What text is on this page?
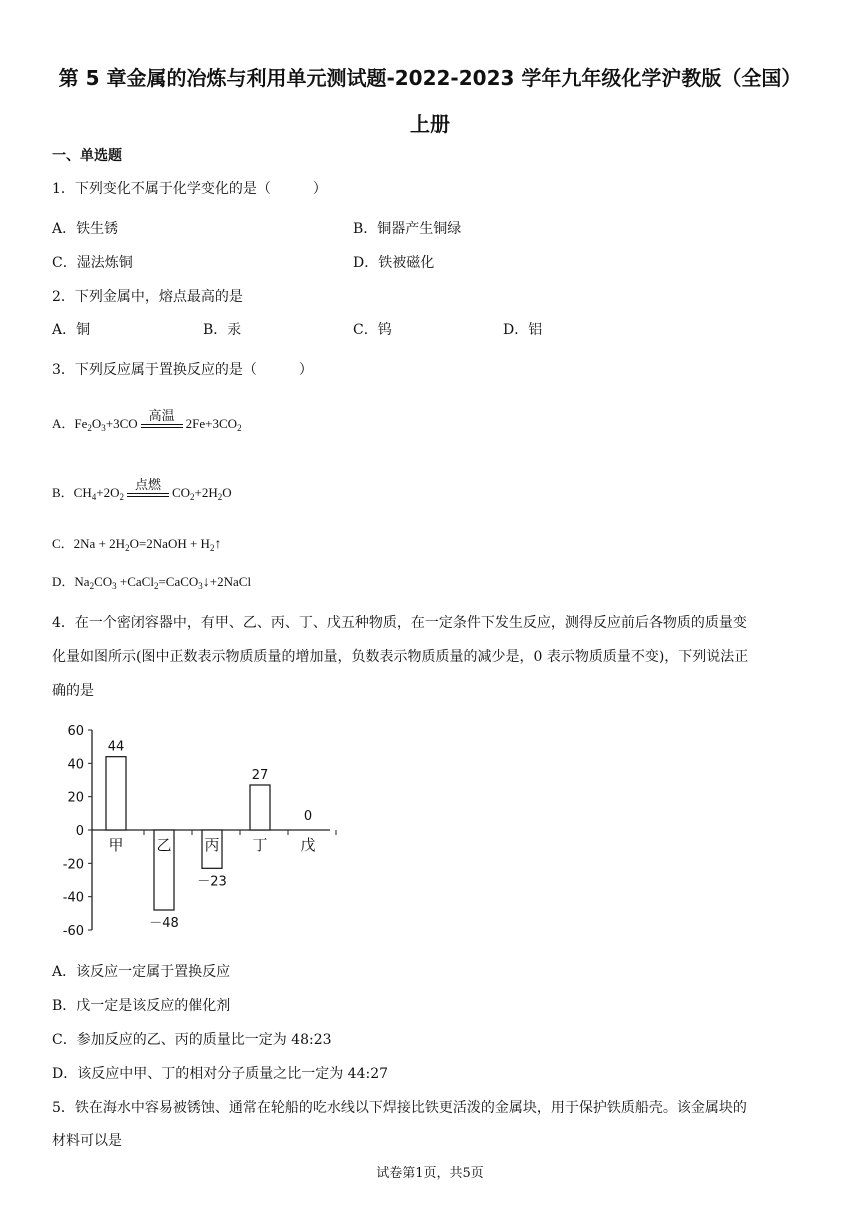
第 5 章金属的冶炼与利用单元测试题-2022-2023 学年九年级化学沪教版（全国）
上册
一、单选题
1．下列变化不属于化学变化的是（　　　）
A．铁生锈	B．铜器产生铜绿
C．湿法炼铜	D．铁被磁化
2．下列金属中，熔点最高的是
A．铜	B．汞	C．钨	D．铝
3．下列反应属于置换反应的是（　　　）
A．$Fe_2O_3+3CO$
高温
$2Fe+3CO_2$
B．$CH_4+2O_2$
点燃
$CO_2+2H_2O$
C．$2Na + 2H_2O=2NaOH$ + $H_2↑$
D．$Na_2CO_3$ +CaCl$_2$=CaCO$_3$↓+2NaCl
4．在一个密闭容器中，有甲、乙、丙、丁、戊五种物质，在一定条件下发生反应，测得反应前后各物质的质量变
化量如图所示(图中正数表示物质质量的增加量，负数表示物质质量的减少是，0 表示物质质量不变)，下列说法正
确的是
60
40
20
0
-20
-40
-60
甲
44
乙
－48
丙
－23
丁
27
戊
0
A．该反应一定属于置换反应
B．戊一定是该反应的催化剂
C．参加反应的乙、丙的质量比一定为 48:23
D．该反应中甲、丁的相对分子质量之比一定为 44:27
5．铁在海水中容易被锈蚀、通常在轮船的吃水线以下焊接比铁更活泼的金属块，用于保护铁质船壳。该金属块的
材料可以是
试卷第1页，共5页
